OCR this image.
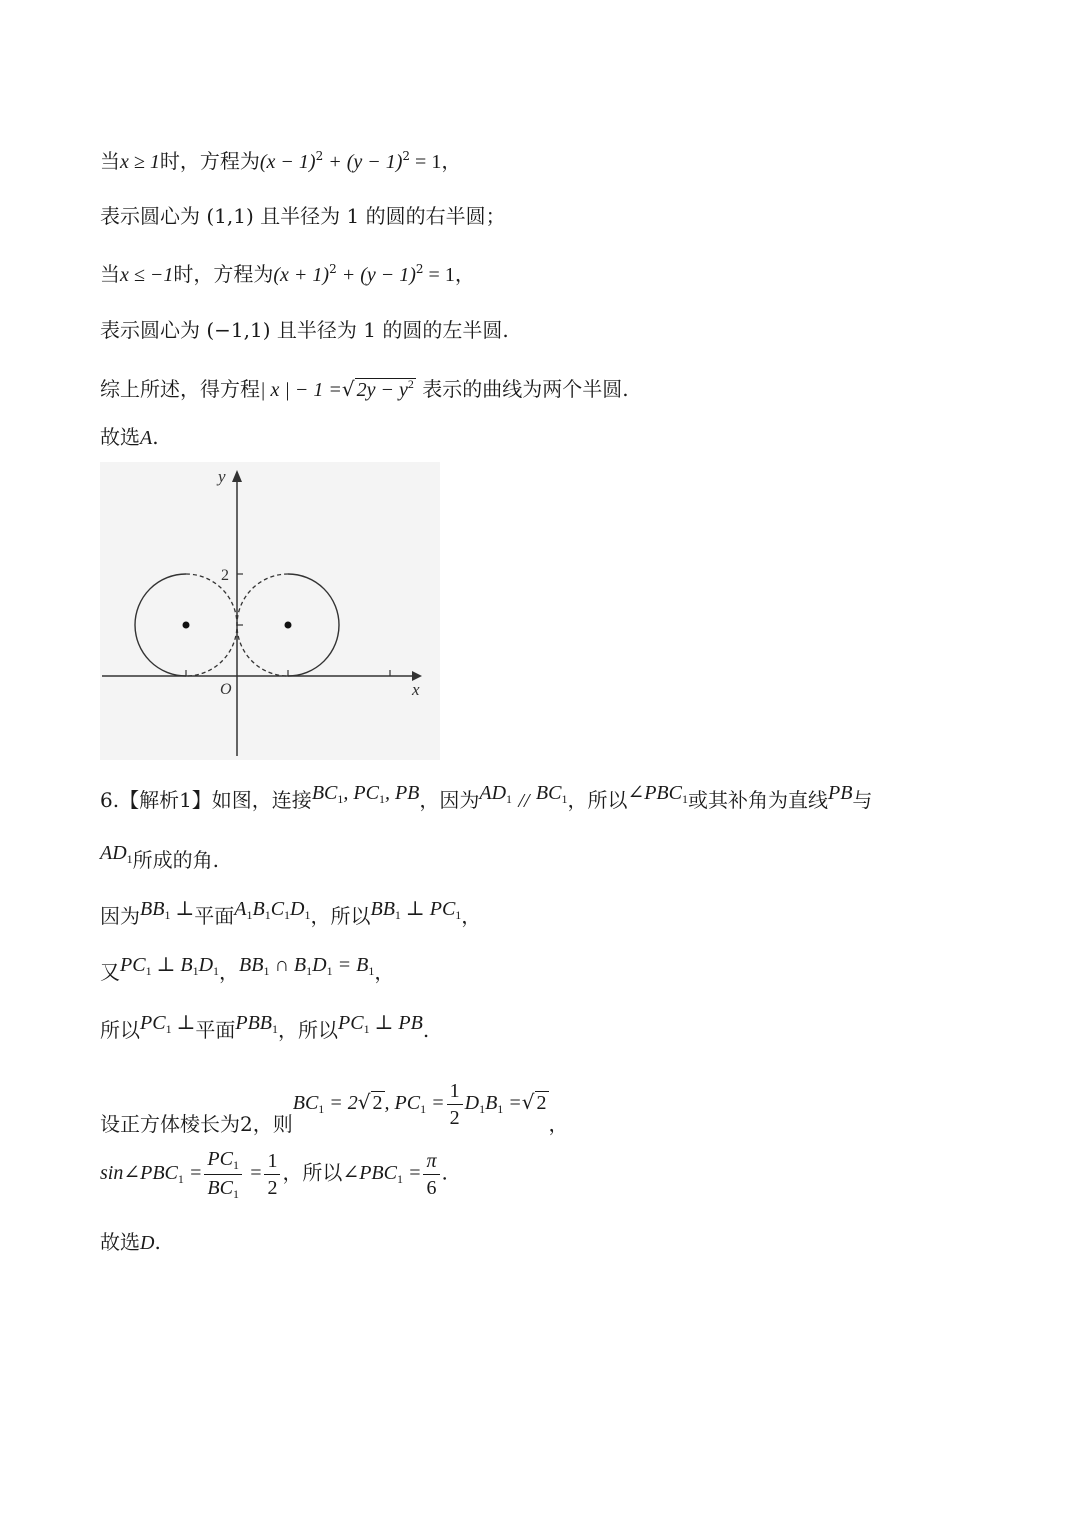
当x ≥ 1时，方程为$(x - 1)^2 + (y - 1)^2 = 1$，
表示圆心为 (1,1) 且半径为 1 的圆的右半圆；
当x ≤ −1时，方程为$(x + 1)^2 + (y - 1)^2 = 1$，
表示圆心为 (−1,1) 且半径为 1 的圆的左半圆.
综上所述，得方程| x | − 1 =√ $2y - y^2$ 表示的曲线为两个半圆.
故选A.
y
x
O
2
6.【解析1】如图，连接$BC_1$, $PC_1$, PB，因为$AD_1 // BC_1$，所以$\angle PBC_1$或其补角为直线PB与
$AD_1$所成的角.
因为$BB_1$ ⊥平面$A_1B_1C_1D_1$，所以$BB_1$ ⊥ $PC_1$，
又$PC_1$ ⊥ $B_1D_1$，$BB_1$ ∩ $B_1D_1 = B_1$，
所以$PC_1$ ⊥平面$PBB_1$，所以$PC_1$ ⊥ PB.
设正方体棱长为2，则$BC_1 = 2√$ 2 , $PC_1 = \frac{1}{2} D_1B_1$ =√ 2，
$\sin\angle PBC_1 = \frac{PC_1}{BC_1} = \frac{1}{2}$ ，所以$\angle PBC_1 = \frac{\pi}{6}$ .
故选D.
